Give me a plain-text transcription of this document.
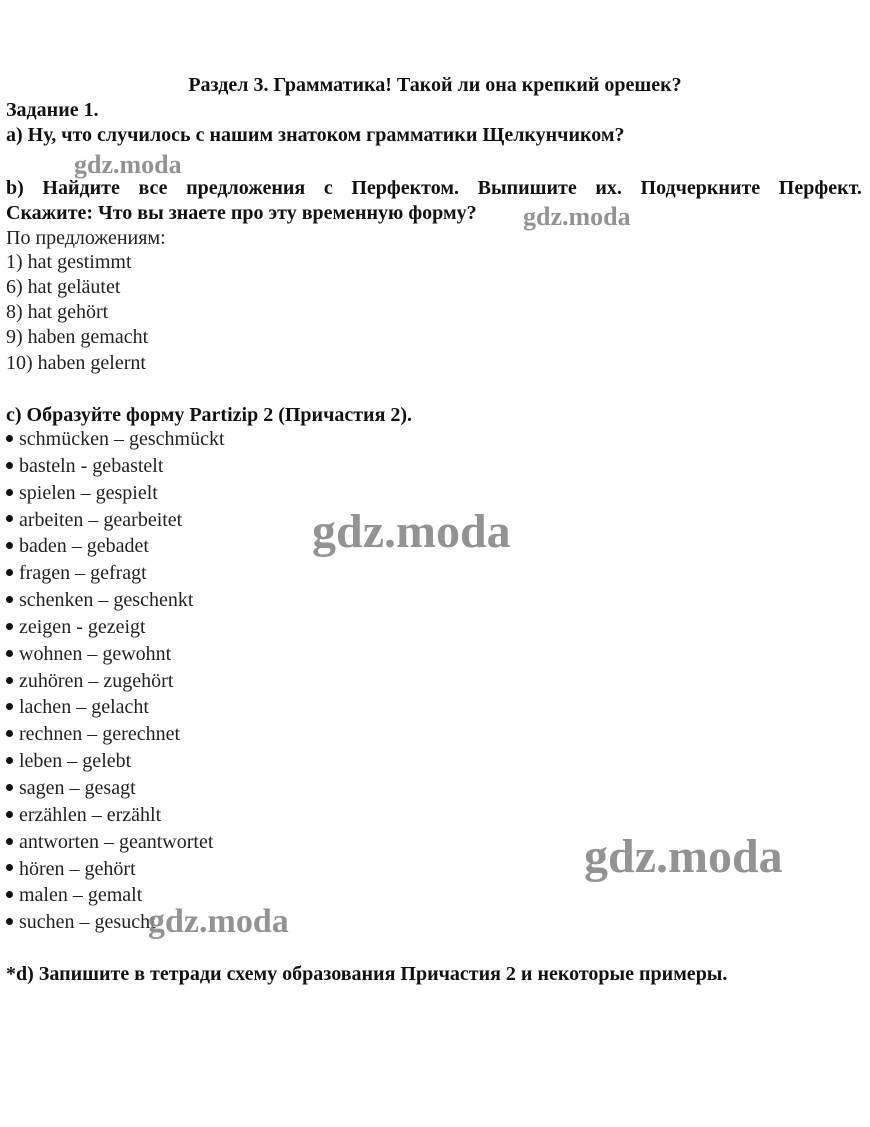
Раздел 3. Грамматика! Такой ли она крепкий орешек?
Задание 1.
a) Ну, что случилось с нашим знатоком грамматики Щелкунчиком?
b) Найдите все предложения с Перфектом. Выпишите их. Подчеркните Перфект.
Скажите: Что вы знаете про эту временную форму?
По предложениям:
1) hat gestimmt
6) hat geläutet
8) hat gehört
9) haben gemacht
10) haben gelernt
c) Образуйте форму Partizip 2 (Причастия 2).
schmücken – geschmückt
basteln - gebastelt
spielen – gespielt
arbeiten – gearbeitet
baden – gebadet
fragen – gefragt
schenken – geschenkt
zeigen - gezeigt
wohnen – gewohnt
zuhören – zugehört
lachen – gelacht
rechnen – gerechnet
leben – gelebt
sagen – gesagt
erzählen – erzählt
antworten – geantwortet
hören – gehört
malen – gemalt
suchen – gesucht
*d) Запишите в тетради схему образования Причастия 2 и некоторые примеры.
gdz.moda
gdz.moda
gdz.moda
gdz.moda
gdz.moda
